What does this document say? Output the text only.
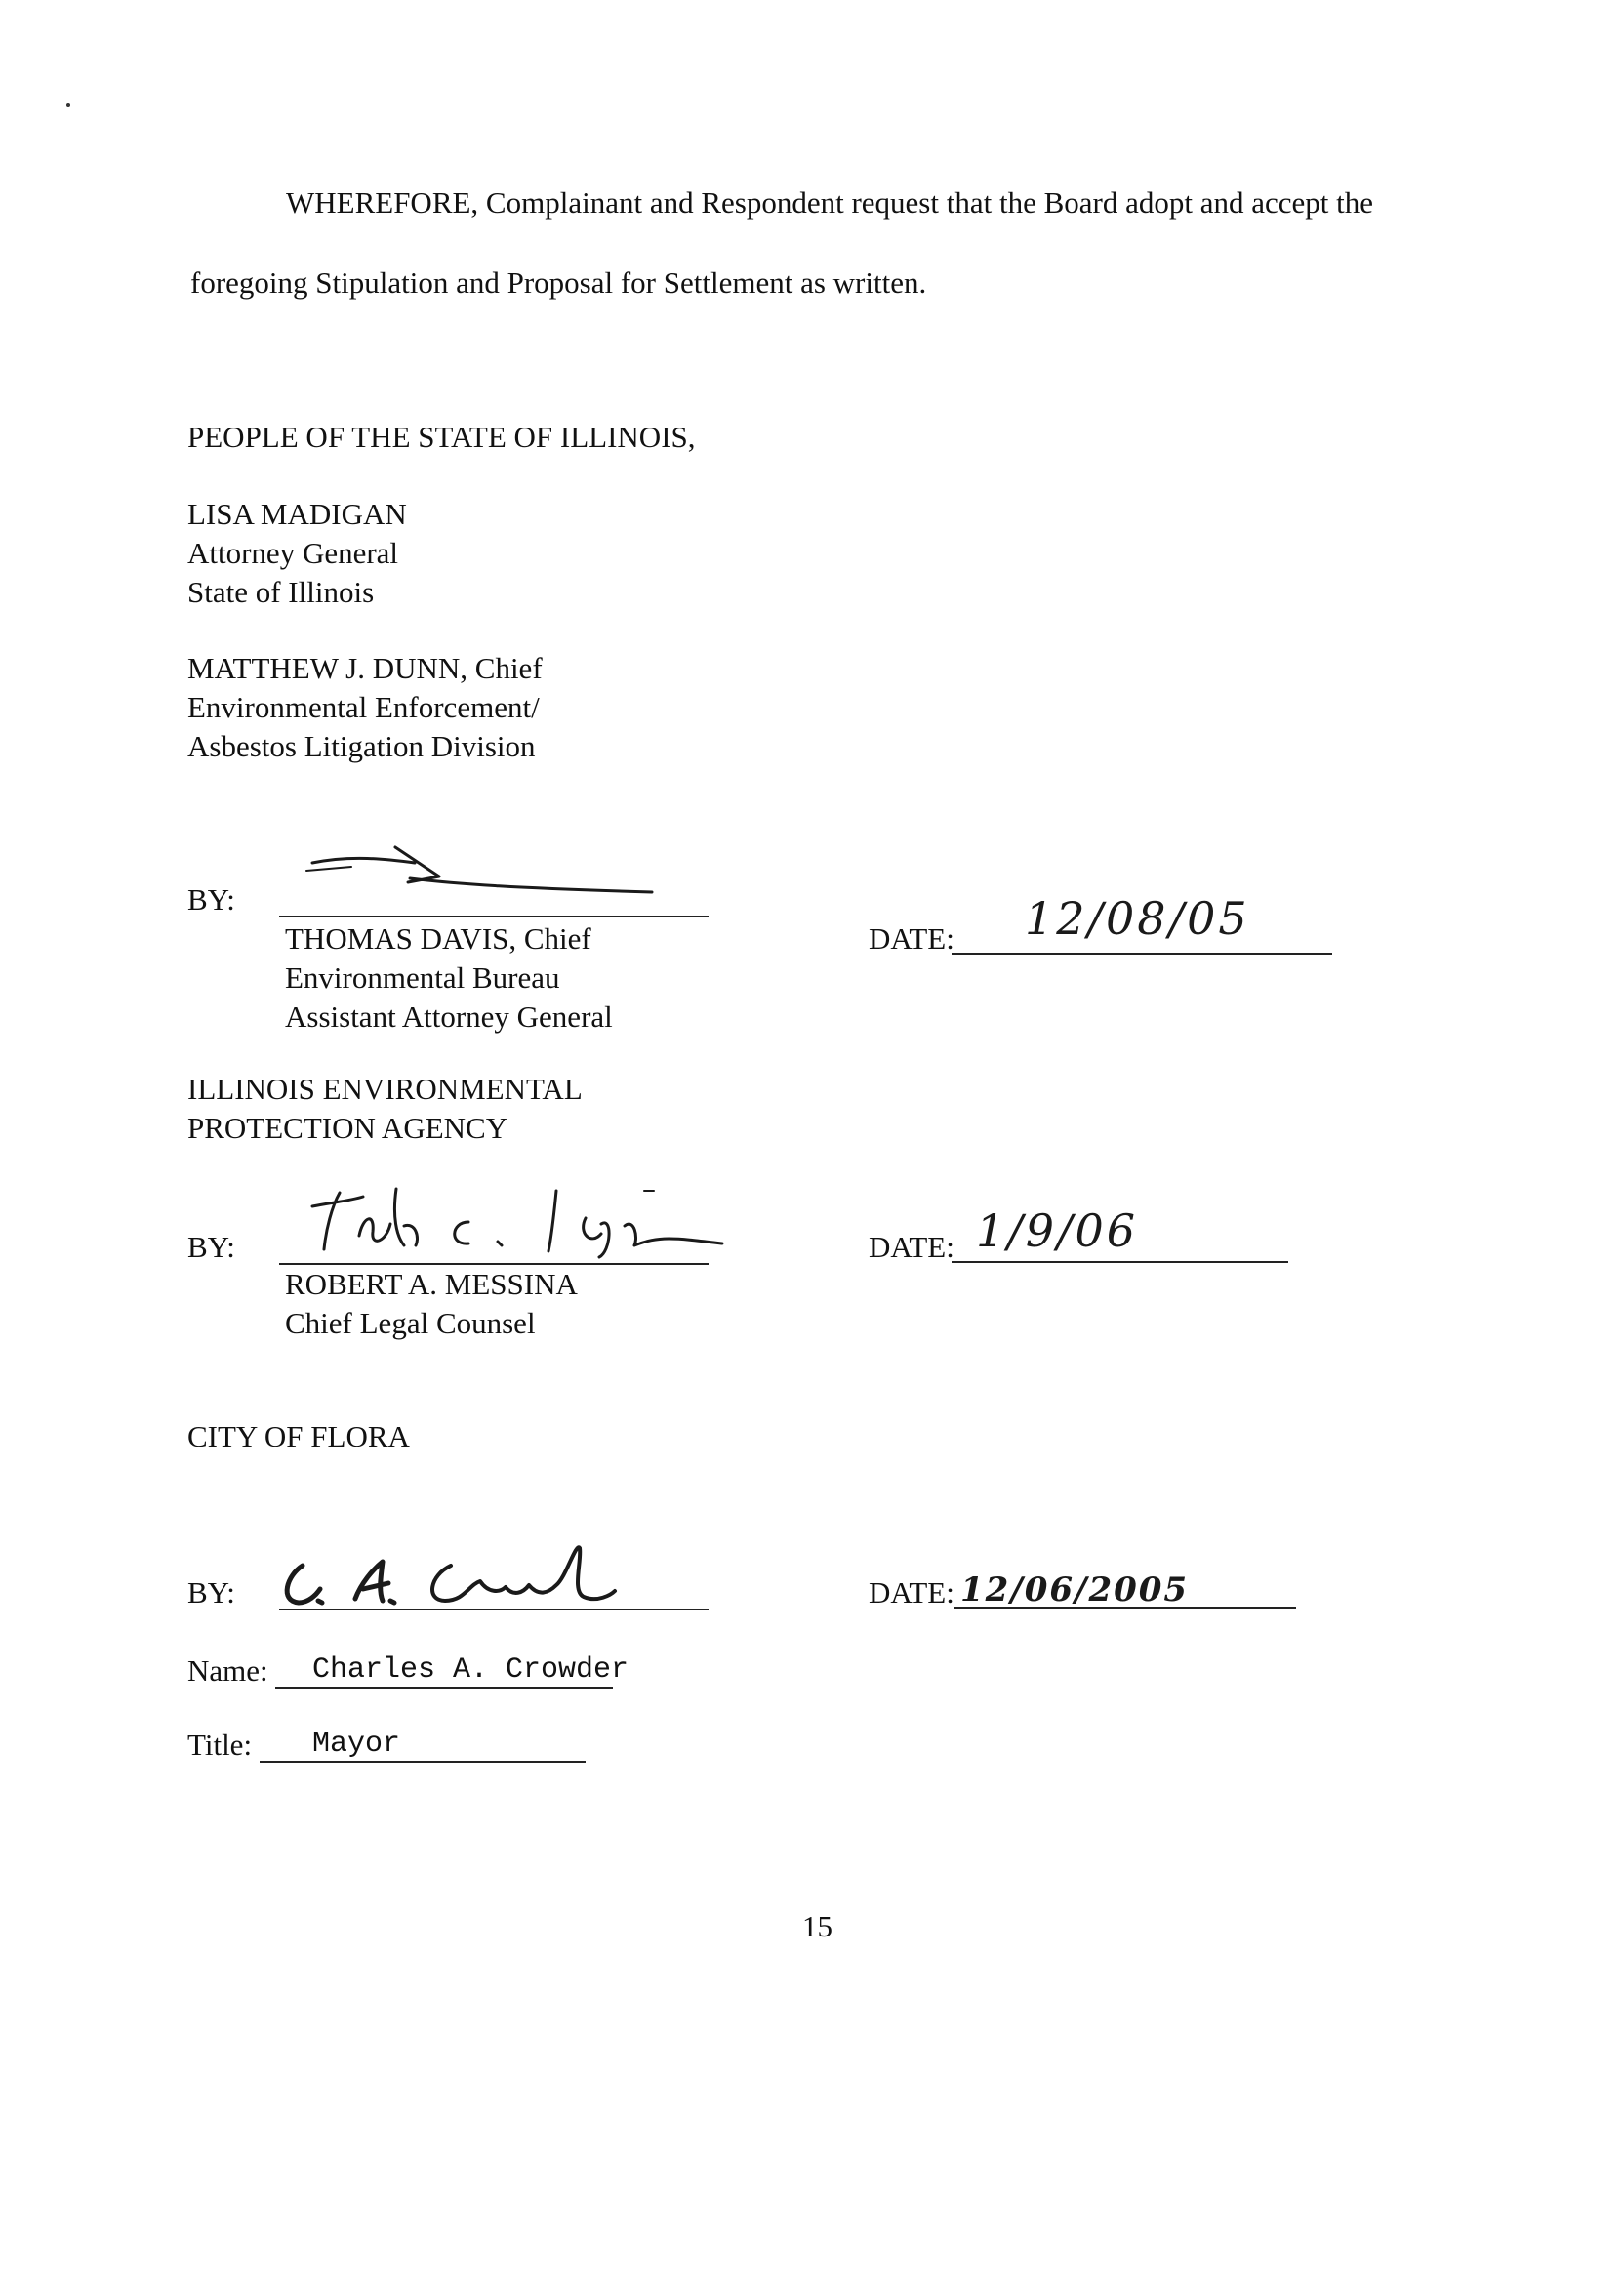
WHEREFORE, Complainant and Respondent request that the Board adopt and accept the
foregoing Stipulation and Proposal for Settlement as written.
PEOPLE OF THE STATE OF ILLINOIS,
LISA MADIGAN
Attorney General
State of Illinois
MATTHEW J. DUNN, Chief
Environmental Enforcement/
Asbestos Litigation Division
BY:
THOMAS DAVIS, Chief
Environmental Bureau
Assistant Attorney General
DATE: 12/08/05
ILLINOIS ENVIRONMENTAL
PROTECTION AGENCY
BY:
ROBERT A. MESSINA
Chief Legal Counsel
DATE: 1/9/06
CITY OF FLORA
BY:	DATE: 12/06/2005
Name: Charles A. Crowder
Title: Mayor
15
